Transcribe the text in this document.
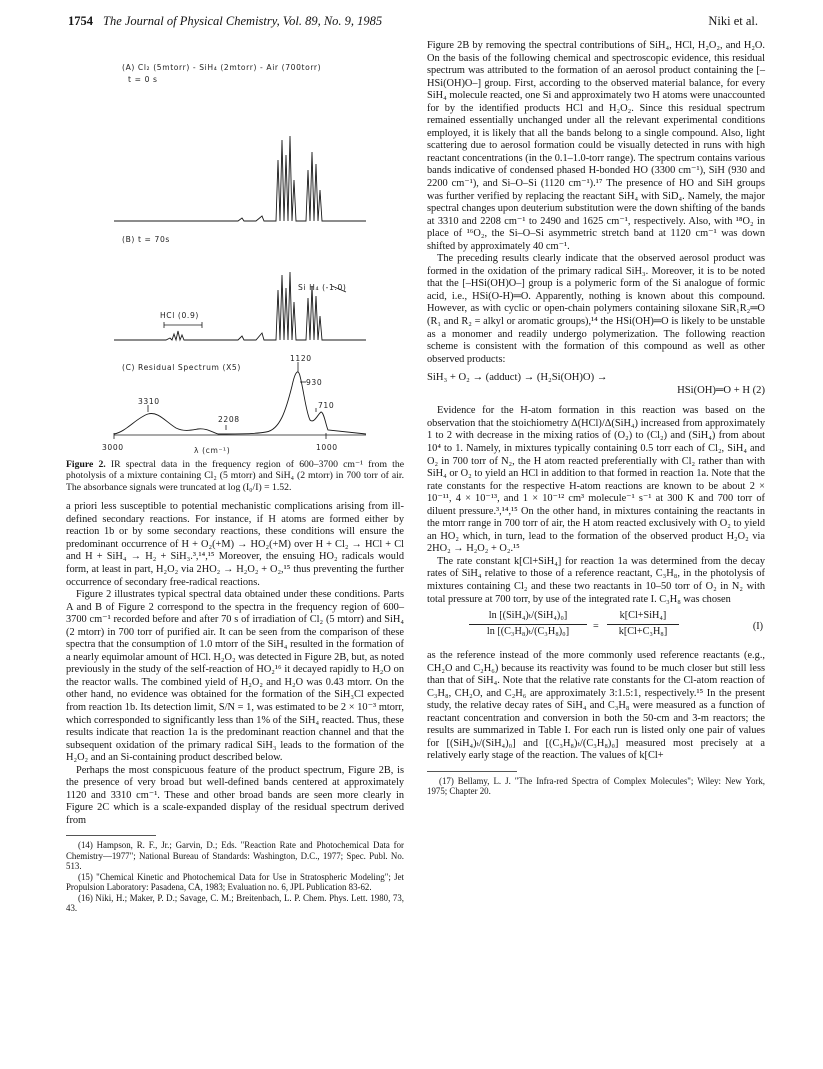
1754 The Journal of Physical Chemistry, Vol. 89, No. 9, 1985	Niki et al.
(A) Cl₂ (5mtorr) - SiH₄ (2mtorr) - Air (700torr)
t = 0 s
(B) t = 70s
Si H₄ (-1.0)
HCl (0.9)
(C) Residual Spectrum (X5)
1120
930
3310
2208
710
3000	λ (cm⁻¹)	1000
Figure 2. IR spectral data in the frequency region of 600–3700 cm⁻¹ from the photolysis of a mixture containing Cl₂ (5 mtorr) and SiH₄ (2 mtorr) in 700 torr of air. The absorbance signals were truncated at log (I₀/I) = 1.52.

a priori less susceptible to potential mechanistic complications arising from ill-defined secondary reactions. For instance, if H atoms are formed either by reaction 1b or by some secondary reactions, these conditions will ensure the predominant occurrence of H + O₂(+M) → HO₂(+M) over H + Cl₂ → HCl + Cl and H + SiH₄ → H₂ + SiH₃.³,¹⁴,¹⁵ Moreover, the ensuing HO₂ radicals would form, at least in part, H₂O₂ via 2HO₂ → H₂O₂ + O₂,¹⁵ thus preventing the further occurrence of secondary free-radical reactions.

Figure 2 illustrates typical spectral data obtained under these conditions. Parts A and B of Figure 2 correspond to the spectra in the frequency region of 600–3700 cm⁻¹ recorded before and after 70 s of irradiation of Cl₂ (5 mtorr) and SiH₄ (2 mtorr) in 700 torr of purified air. It can be seen from the comparison of these spectra that the consumption of 1.0 mtorr of the SiH₄ resulted in the formation of a nearly equimolar amount of HCl. H₂O₂ was detected in Figure 2B, but, as noted previously in the study of the self-reaction of HO₂¹⁶ it decayed rapidly to H₂O on the reactor walls. The combined yield of H₂O₂ and H₂O was 0.43 mtorr. On the other hand, no evidence was obtained for the formation of the SiH₃Cl expected from reaction 1b. Its detection limit, S/N = 1, was estimated to be 2 × 10⁻³ mtorr, which corresponded to significantly less than 1% of the SiH₄ reacted. Thus, these results indicate that reaction 1a is the predominant reaction channel and that the subsequent oxidation of the primary radical SiH₃ leads to the formation of the H₂O₂ and an Si-containing product described below.

Perhaps the most conspicuous feature of the product spectrum, Figure 2B, is the presence of very broad but well-defined bands centered at approximately 1120 and 3310 cm⁻¹. These and other broad bands are seen more clearly in Figure 2C which is a scale-expanded display of the residual spectrum derived from

(14) Hampson, R. F., Jr.; Garvin, D.; Eds. "Reaction Rate and Photochemical Data for Chemistry—1977"; National Bureau of Standards: Washington, D.C., 1977; Spec. Publ. No. 513.

(15) "Chemical Kinetic and Photochemical Data for Use in Stratospheric Modeling"; Jet Propulsion Laboratory: Pasadena, CA, 1983; Evaluation no. 6, JPL Publication 83-62.

(16) Niki, H.; Maker, P. D.; Savage, C. M.; Breitenbach, L. P. Chem. Phys. Lett. 1980, 73, 43.

Figure 2B by removing the spectral contributions of SiH₄, HCl, H₂O₂, and H₂O. On the basis of the following chemical and spectroscopic evidence, this residual spectrum was attributed to the formation of an aerosol product containing the [–HSi(OH)O–] group. First, according to the observed material balance, for every SiH₄ molecule reacted, one Si and approximately two H atoms were unaccounted for by the identified products HCl and H₂O₂. Since this residual spectrum remained essentially unchanged under all the relevant experimental conditions employed, it is likely that all the bands belong to a single compound. Also, light scattering due to aerosol formation could be visually detected in runs with high reactant concentrations (in the 0.1–1.0-torr range). The spectrum contains various bands indicative of condensed phased H-bonded HO (3300 cm⁻¹), SiH (930 and 2200 cm⁻¹), and Si–O–Si (1120 cm⁻¹).¹⁷ The presence of HO and SiH groups was further verified by replacing the reactant SiH₄ with SiD₄. Namely, the major spectral changes upon deuterium substitution were the down shifting of the bands at 3310 and 2208 cm⁻¹ to 2490 and 1625 cm⁻¹, respectively. Also, with ¹⁸O₂ in place of ¹⁶O₂, the Si–O–Si asymmetric stretch band at 1120 cm⁻¹ was down shifted by approximately 40 cm⁻¹.

The preceding results clearly indicate that the observed aerosol product was formed in the oxidation of the primary radical SiH₃. Moreover, it is to be noted that the [–HSi(OH)O–] group is a polymeric form of the Si analogue of formic acid, i.e., HSi(O-H)═O. Apparently, nothing is known about this compound. However, as with cyclic or open-chain polymers containing siloxane SiR₁R₂═O (R₁ and R₂ = alkyl or aromatic groups),¹⁴ the HSi(OH)═O is likely to be unstable as a monomer and readily undergo polymerization. The following reaction scheme is consistent with the formation of this compound as well as other observed products:

SiH₃ + O₂ → (adduct) → (H₂Si(OH)O) →
HSi(OH)═O + H (2)

Evidence for the H-atom formation in this reaction was based on the observation that the stoichiometry Δ(HCl)/Δ(SiH₄) increased from approximately 1 to 2 with decrease in the mixing ratios of (O₂) to (Cl₂) and (SiH₄) from about 10⁴ to 1. Namely, in mixtures typically containing 0.5 torr each of Cl₂, SiH₄ and O₂ in 700 torr of N₂, the H atom reacted preferentially with Cl₂ rather than with SiH₄ or O₂ to yield an HCl in addition to that formed in reaction 1a. Note that the rate constants for the respective H-atom reactions are known to be about 2 × 10⁻¹¹, 4 × 10⁻¹³, and 1 × 10⁻¹² cm³ molecule⁻¹ s⁻¹ at 300 K and 700 torr of diluent pressure.³,¹⁴,¹⁵ On the other hand, in mixtures containing the reactants in the mtorr range in 700 torr of air, the H atom reacted exclusively with O₂ to yield an HO₂ which, in turn, lead to the formation of the observed product H₂O₂ via 2HO₂ → H₂O₂ + O₂.¹⁵

The rate constant k[Cl+SiH₄] for reaction 1a was determined from the decay rates of SiH₄ relative to those of a reference reactant, C₃H₈, in the photolysis of mixtures containing Cl₂ and these two reactants in 10–50 torr of O₂ in N₂ with total pressure at 700 torr, by use of the integrated rate I. C₃H₈ was chosen

ln [(SiH₄)ₜ/(SiH₄)₀]
ln [(C₃H₈)ₜ/(C₃H₈)₀]	=
k[Cl+SiH₄]
k[Cl+C₃H₈]	(I)

as the reference instead of the more commonly used reference reactants (e.g., CH₂O and C₂H₆) because its reactivity was found to be much closer but still less than that of SiH₄. Note that the relative rate constants for the Cl-atom reaction of C₃H₈, CH₂O, and C₂H₆ are approximately 3:1.5:1, respectively.¹⁵ In the present study, the relative decay rates of SiH₄ and C₃H₈ were measured as a function of reactant concentration and conversion in both the 50-cm and 3-m reactors; the results are summarized in Table I. For each run is listed only one pair of values for [(SiH₄)ₜ/(SiH₄)₀] and [(C₃H₈)ₜ/(C₃H₈)₀] measured most precisely at a relatively early stage of the reaction. The values of k[Cl+

(17) Bellamy, L. J. "The Infra-red Spectra of Complex Molecules"; Wiley: New York, 1975; Chapter 20.
